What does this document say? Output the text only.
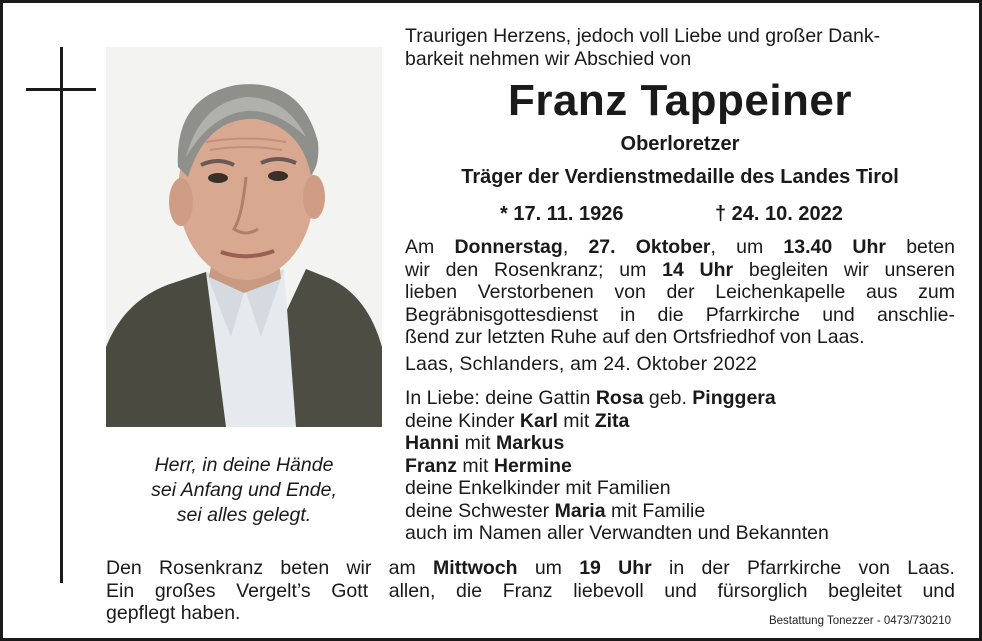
Herr, in deine Hände
sei Anfang und Ende,
sei alles gelegt.
Traurigen Herzens, jedoch voll Liebe und großer Dank-
barkeit nehmen wir Abschied von
Franz Tappeiner
Oberloretzer
Träger der Verdienstmedaille des Landes Tirol
* 17. 11. 1926	† 24. 10. 2022
Am Donnerstag, 27. Oktober, um 13.40 Uhr beten
wir den Rosenkranz; um 14 Uhr begleiten wir unseren
lieben Verstorbenen von der Leichenkapelle aus zum
Begräbnisgottesdienst in die Pfarrkirche und anschlie-
ßend zur letzten Ruhe auf den Ortsfriedhof von Laas.
Laas, Schlanders, am 24. Oktober 2022
In Liebe: deine Gattin Rosa geb. Pinggera
deine Kinder Karl mit Zita
Hanni mit Markus
Franz mit Hermine
deine Enkelkinder mit Familien
deine Schwester Maria mit Familie
auch im Namen aller Verwandten und Bekannten
Den Rosenkranz beten wir am Mittwoch um 19 Uhr in der Pfarrkirche von Laas.
Ein großes Vergelt’s Gott allen, die Franz liebevoll und fürsorglich begleitet und
gepflegt haben.	Bestattung Tonezzer - 0473/730210
